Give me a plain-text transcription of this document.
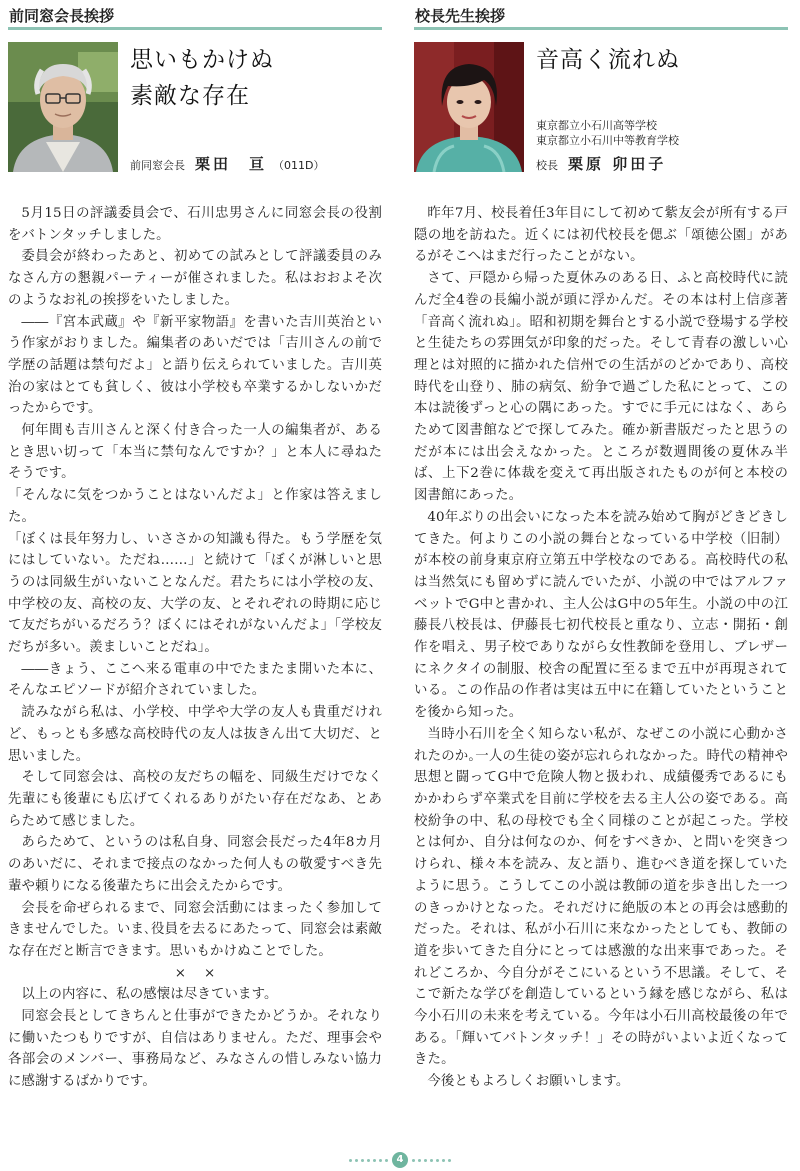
前同窓会長挨拶
思いもかけぬ
素敵な存在
前同窓会長 栗田　亘 （011D）

5月15日の評議委員会で、石川忠男さんに同窓会長の役割をバトンタッチしました。

委員会が終わったあと、初めての試みとして評議委員のみなさん方の懇親パーティーが催されました。私はおおよそ次のようなお礼の挨拶をいたしました。

――『宮本武蔵』や『新平家物語』を書いた吉川英治という作家がおりました。編集者のあいだでは「吉川さんの前で学歴の話題は禁句だよ」と語り伝えられていました。吉川英治の家はとても貧しく、彼は小学校も卒業するかしないかだったからです。

何年間も吉川さんと深く付き合った一人の編集者が、あるとき思い切って「本当に禁句なんですか？」と本人に尋ねたそうです。

「そんなに気をつかうことはないんだよ」と作家は答えました。

「ぼくは長年努力し、いささかの知識も得た。もう学歴を気にはしていない。ただね……」と続けて「ぼくが淋しいと思うのは同級生がいないことなんだ。君たちには小学校の友、中学校の友、高校の友、大学の友、とそれぞれの時期に応じて友だちがいるだろう？ぼくにはそれがないんだよ」「学校友だちが多い。羨ましいことだね」。

――きょう、ここへ来る電車の中でたまたま開いた本に、そんなエピソードが紹介されていました。

読みながら私は、小学校、中学や大学の友人も貴重だけれど、もっとも多感な高校時代の友人は抜きん出て大切だ、と思いました。

そして同窓会は、高校の友だちの幅を、同級生だけでなく先輩にも後輩にも広げてくれるありがたい存在だなあ、とあらためて感じました。

あらためて、というのは私自身、同窓会長だった4年8カ月のあいだに、それまで接点のなかった何人もの敬愛すべき先輩や頼りになる後輩たちに出会えたからです。

会長を命ぜられるまで、同窓会活動にはまったく参加してきませんでした。いま､役員を去るにあたって、同窓会は素敵な存在だと断言できます。思いもかけぬことでした。

××

以上の内容に、私の感懐は尽きています。

同窓会長としてきちんと仕事ができたかどうか。それなりに働いたつもりですが、自信はありません。ただ、理事会や各部会のメンバー、事務局など、みなさんの惜しみない協力に感謝するばかりです。

校長先生挨拶
音高く流れぬ
東京都立小石川高等学校
東京都立小石川中等教育学校
校長 栗原 卯田子

昨年7月、校長着任3年目にして初めて紫友会が所有する戸隠の地を訪ねた。近くには初代校長を偲ぶ「頌徳公園」があるがそこへはまだ行ったことがない。

さて、戸隠から帰った夏休みのある日、ふと高校時代に読んだ全4巻の長編小説が頭に浮かんだ。その本は村上信彦著「音高く流れぬ」。昭和初期を舞台とする小説で登場する学校と生徒たちの雰囲気が印象的だった。そして青春の激しい心理とは対照的に描かれた信州での生活がのどかであり、高校時代を山登り、肺の病気、紛争で過ごした私にとって、この本は読後ずっと心の隅にあった。すでに手元にはなく、あらためて図書館などで探してみた。確か新書版だったと思うのだが本には出会えなかった。ところが数週間後の夏休み半ば、上下2巻に体裁を変えて再出版されたものが何と本校の図書館にあった。

40年ぶりの出会いになった本を読み始めて胸がどきどきしてきた。何よりこの小説の舞台となっている中学校（旧制）が本校の前身東京府立第五中学校なのである。高校時代の私は当然気にも留めずに読んでいたが、小説の中ではアルファベットでG中と書かれ、主人公はG中の5年生。小説の中の江藤長八校長は、伊藤長七初代校長と重なり、立志・開拓・創作を唱え、男子校でありながら女性教師を登用し、ブレザーにネクタイの制服、校舎の配置に至るまで五中が再現されている。この作品の作者は実は五中に在籍していたということを後から知った。

当時小石川を全く知らない私が、なぜこの小説に心動かされたのか｡一人の生徒の姿が忘れられなかった。時代の精神や思想と闘ってG中で危険人物と扱われ、成績優秀であるにもかかわらず卒業式を目前に学校を去る主人公の姿である。高校紛争の中、私の母校でも全く同様のことが起こった。学校とは何か、自分は何なのか、何をすべきか、と問いを突きつけられ、様々本を読み、友と語り、進むべき道を探していたように思う。こうしてこの小説は教師の道を歩き出した一つのきっかけとなった。それだけに絶版の本との再会は感動的だった。それは、私が小石川に来なかったとしても、教師の道を歩いてきた自分にとっては感激的な出来事であった。それどころか、今自分がそこにいるという不思議。そして、そこで新たな学びを創造しているという縁を感じながら、私は今小石川の未来を考えている。今年は小石川高校最後の年である。「輝いてバトンタッチ！」その時がいよいよ近くなってきた。

今後ともよろしくお願いします。

4
